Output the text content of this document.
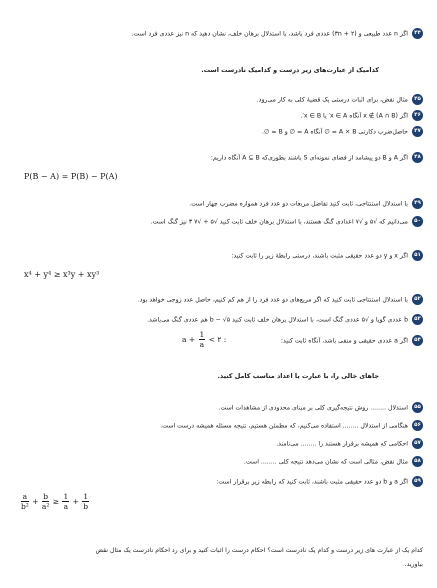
۴۴اگر n عدد طبیعی و (۳n + ۲) عددی فرد باشد، با استدلال برهان خلف، نشان دهید که n نیز عددی فرد است.
کدامیک از عبارت‌های زیر درست و کدامیک نادرست است.
۴۵مثال نقض، برای اثبات درستی یک قضیهٔ کلی به کار می‌رود.
۴۶اگر x ∉ (A ∩ B) آنگاه x ∈ A′ یا x ∈ B′.
۴۷حاصل‌ضرب دکارتی A × B = ∅ آنگاه A = ∅ و B = ∅.
۴۸اگر A و B دو پیشامد از فضای نمونه‌ای S باشند بطوری‌که A ⊆ B آنگاه داریم:
P(B − A) = P(B) − P(A)
۴۹با استدلال استنتاجی، ثابت کنید تفاضل مربعات دو عدد فرد همواره مضرب چهار است.
۵۰می‌دانیم که √۵ و √۷ اعدادی گنگ هستند، با استدلال برهان خلف ثابت کنید √۵ + √۷ ۳ نیز گنگ است.
۵۱اگر x و y دو عدد حقیقی مثبت باشند، درستی رابطهٔ زیر را ثابت کنید:
x⁴ + y⁴ ≥ x³y + xy³
۵۲با استدلال استنتاجی ثابت کنید که اگر مربع‌های دو عدد فرد را از هم کم کنیم، حاصل عدد زوجی خواهد بود.
۵۳b عددی گویا و √۵ عددی گنگ است، با استدلال برهان خلف ثابت کنید b − √۵ هم عددی گنگ می‌باشد.
۵۴اگر a عددی حقیقی و منفی باشد، آنگاه ثابت کنید:
$a + \frac{1}{a}$ < ۲ :
جاهای خالی را، با عبارت یا اعداد مناسب کامل کنید.
۵۵استدلال ........ روش نتیجه‌گیری کلی بر مبنای محدودی از مشاهدات است.
۵۶هنگامی از استدلال ........ استفاده می‌کنیم، که مطمئن هستیم، نتیجه مسئله همیشه درست است.
۵۷احکامی که همیشه برقرار هستند را ........ می‌نامند.
۵۸مثال نقض، مثالی است که نشان می‌دهد نتیجه کلی ........ است.
۵۹اگر a و b دو عدد حقیقی مثبت باشند، ثابت کنید که رابطه زیر برقرار است:
$\frac{a}{\text{b²}} + \frac{b}{\text{a²}} \ge \frac{1}{a} + \frac{1}{b}$
کدام یک از عبارت های زیر درست و کدام یک نادرست است؟ احکام درست را اثبات کنید و برای رد احکام نادرست یک مثال نقض
بیاورید.
